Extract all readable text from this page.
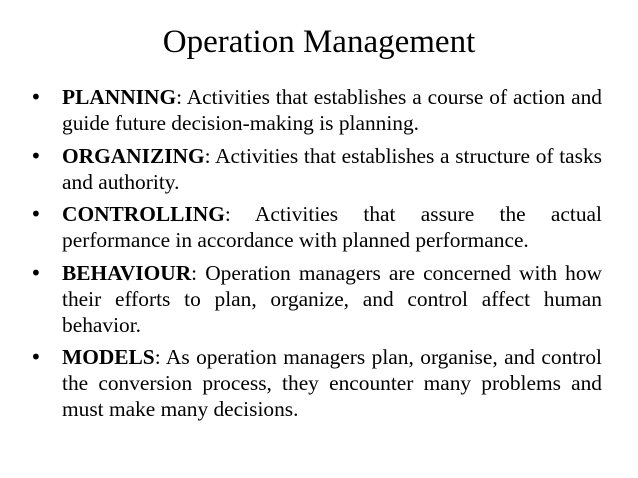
Operation Management
• PLANNING: Activities that establishes a course of action and guide future decision-making is planning.
• ORGANIZING: Activities that establishes a structure of tasks and authority.
• CONTROLLING: Activities that assure the actual performance in accordance with planned performance.
• BEHAVIOUR: Operation managers are concerned with how their efforts to plan, organize, and control affect human behavior.
• MODELS: As operation managers plan, organise, and control the conversion process, they encounter many problems and must make many decisions.
